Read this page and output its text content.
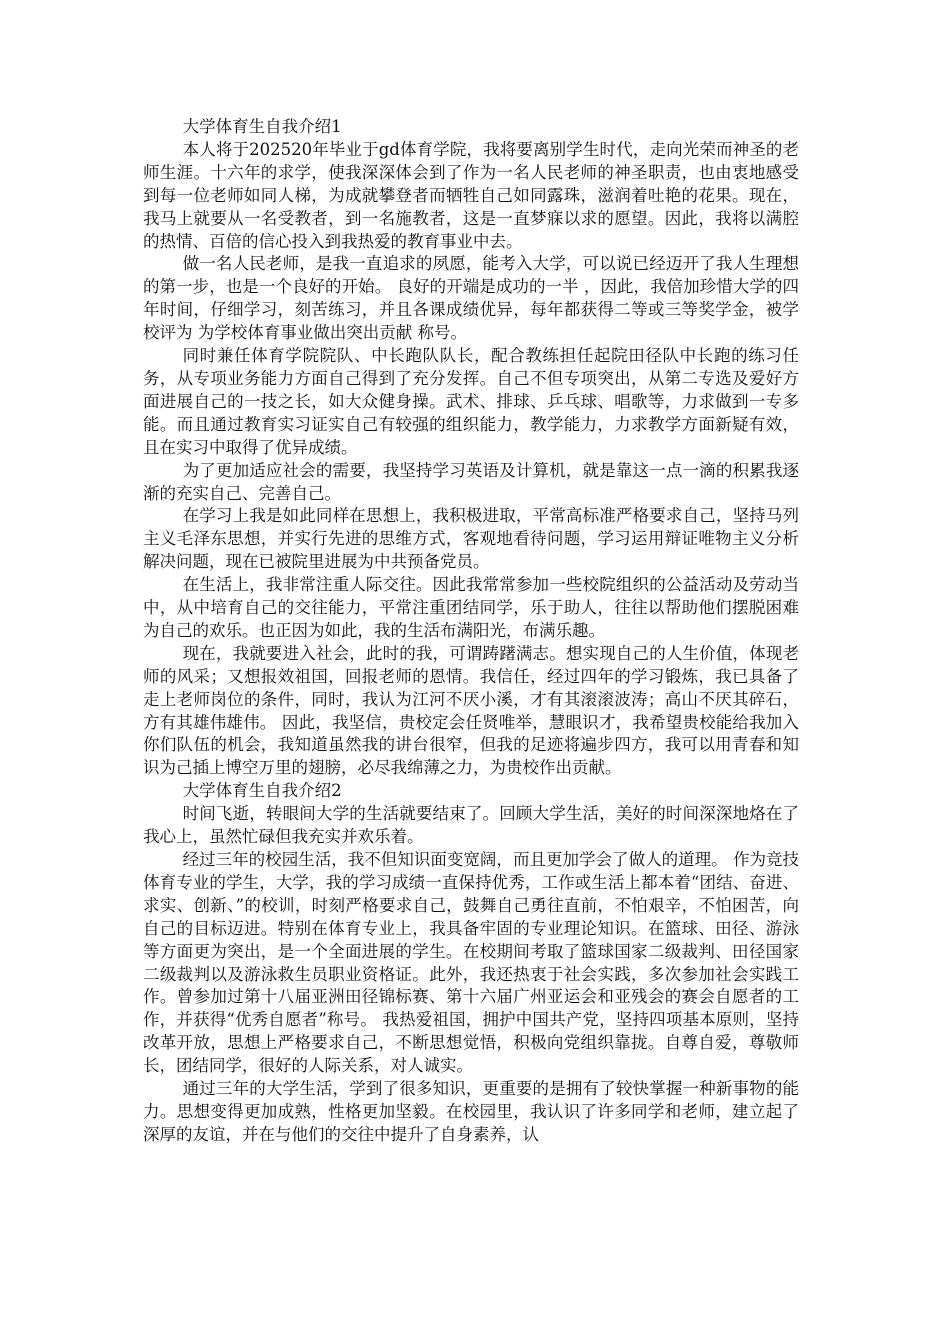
大学体育生自我介绍1

本人将于202520年毕业于gd体育学院，我将要离别学生时代，走向光荣而神圣的老师生涯。十六年的求学，使我深深体会到了作为一名人民老师的神圣职责，也由衷地感受到每一位老师如同人梯，为成就攀登者而牺牲自己如同露珠，滋润着吐艳的花果。现在，我马上就要从一名受教者，到一名施教者，这是一直梦寐以求的愿望。因此，我将以满腔的热情、百倍的信心投入到我热爱的教育事业中去。

做一名人民老师，是我一直追求的夙愿，能考入大学，可以说已经迈开了我人生理想的第一步，也是一个良好的开始。 良好的开端是成功的一半 ，因此，我倍加珍惜大学的四年时间，仔细学习，刻苦练习，并且各课成绩优异，每年都获得二等或三等奖学金，被学校评为 为学校体育事业做出突出贡献 称号。

同时兼任体育学院院队、中长跑队队长，配合教练担任起院田径队中长跑的练习任务，从专项业务能力方面自己得到了充分发挥。自己不但专项突出，从第二专选及爱好方面进展自己的一技之长，如大众健身操。武术、排球、乒乓球、唱歌等，力求做到一专多能。而且通过教育实习证实自己有较强的组织能力，教学能力，力求教学方面新疑有效，且在实习中取得了优异成绩。

为了更加适应社会的需要，我坚持学习英语及计算机，就是靠这一点一滴的积累我逐渐的充实自己、完善自己。

在学习上我是如此同样在思想上，我积极进取，平常高标准严格要求自己，坚持马列主义毛泽东思想，并实行先进的思维方式，客观地看待问题，学习运用辩证唯物主义分析解决问题，现在已被院里进展为中共预备党员。

在生活上，我非常注重人际交往。因此我常常参加一些校院组织的公益活动及劳动当中，从中培育自己的交往能力，平常注重团结同学，乐于助人，往往以帮助他们摆脱困难为自己的欢乐。也正因为如此，我的生活布满阳光，布满乐趣。

现在，我就要进入社会，此时的我，可谓踌躇满志。想实现自己的人生价值，体现老师的风采；又想报效祖国，回报老师的恩情。我信任，经过四年的学习锻炼，我已具备了走上老师岗位的条件，同时，我认为江河不厌小溪，才有其滚滚波涛；高山不厌其碎石，方有其雄伟雄伟。 因此，我坚信，贵校定会任贤唯举，慧眼识才，我希望贵校能给我加入你们队伍的机会，我知道虽然我的讲台很窄，但我的足迹将遍步四方，我可以用青春和知识为己插上博空万里的翅膀，必尽我绵薄之力，为贵校作出贡献。

大学体育生自我介绍2

时间飞逝，转眼间大学的生活就要结束了。回顾大学生活，美好的时间深深地烙在了我心上，虽然忙碌但我充实并欢乐着。

经过三年的校园生活，我不但知识面变宽阔，而且更加学会了做人的道理。 作为竞技体育专业的学生，大学，我的学习成绩一直保持优秀，工作或生活上都本着“团结、奋进、求实、创新、”的校训，时刻严格要求自己，鼓舞自己勇往直前，不怕艰辛，不怕困苦，向自己的目标迈进。特别在体育专业上，我具备牢固的专业理论知识。在篮球、田径、游泳等方面更为突出，是一个全面进展的学生。在校期间考取了篮球国家二级裁判、田径国家二级裁判以及游泳救生员职业资格证。此外，我还热衷于社会实践，多次参加社会实践工作。曾参加过第十八届亚洲田径锦标赛、第十六届广州亚运会和亚残会的赛会自愿者的工作，并获得“优秀自愿者”称号。 我热爱祖国，拥护中国共产党，坚持四项基本原则，坚持改革开放，思想上严格要求自己，不断思想觉悟，积极向党组织靠拢。自尊自爱，尊敬师长，团结同学，很好的人际关系，对人诚实。

通过三年的大学生活，学到了很多知识，更重要的是拥有了较快掌握一种新事物的能力。思想变得更加成熟，性格更加坚毅。在校园里，我认识了许多同学和老师，建立起了深厚的友谊，并在与他们的交往中提升了自身素养，认
